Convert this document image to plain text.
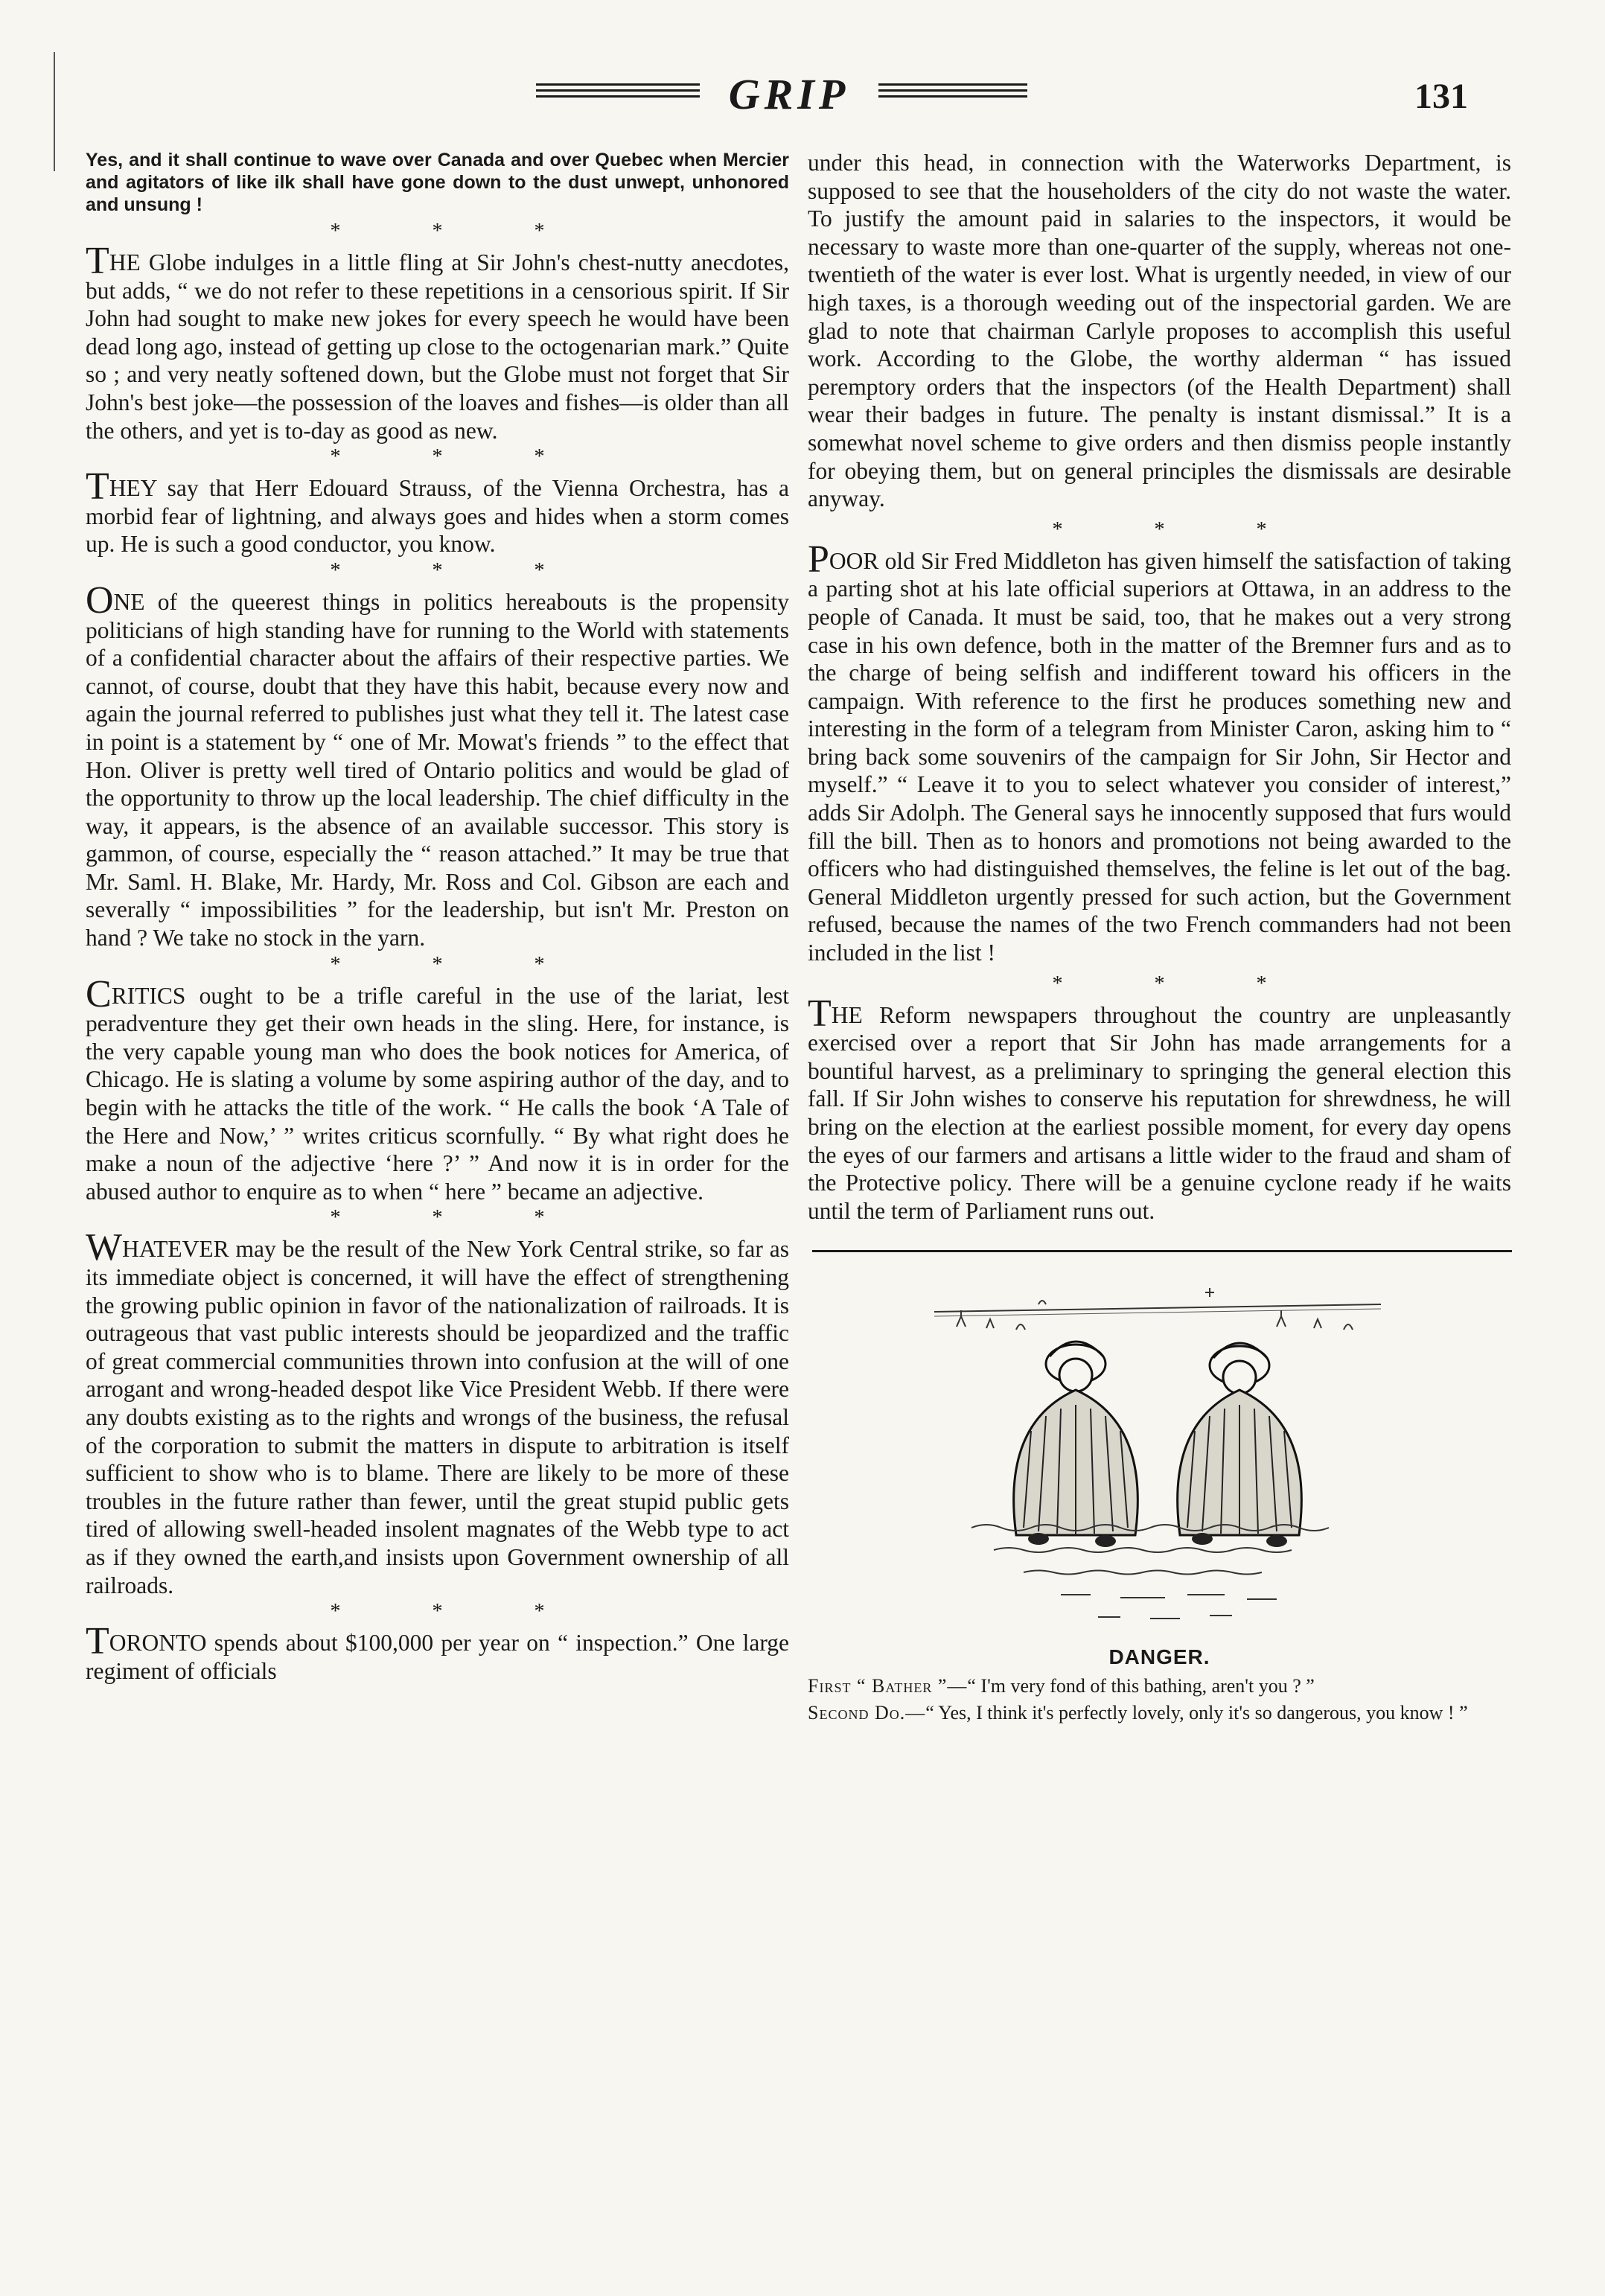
GRIP	131

Yes, and it shall continue to wave over Canada and over Quebec when Mercier and agitators of like ilk shall have gone down to the dust unwept, unhonored and unsung !

* * *

THE Globe indulges in a little fling at Sir John's chest-nutty anecdotes, but adds, “ we do not refer to these repetitions in a censorious spirit. If Sir John had sought to make new jokes for every speech he would have been dead long ago, instead of getting up close to the octogenarian mark.” Quite so ; and very neatly softened down, but the Globe must not forget that Sir John's best joke—the possession of the loaves and fishes—is older than all the others, and yet is to-day as good as new.

* * *

THEY say that Herr Edouard Strauss, of the Vienna Orchestra, has a morbid fear of lightning, and always goes and hides when a storm comes up. He is such a good conductor, you know.

* * *

ONE of the queerest things in politics hereabouts is the propensity politicians of high standing have for running to the World with statements of a confidential character about the affairs of their respective parties. We cannot, of course, doubt that they have this habit, because every now and again the journal referred to publishes just what they tell it. The latest case in point is a statement by “ one of Mr. Mowat's friends ” to the effect that Hon. Oliver is pretty well tired of Ontario politics and would be glad of the opportunity to throw up the local leadership. The chief difficulty in the way, it appears, is the absence of an available successor. This story is gammon, of course, especially the “ reason attached.” It may be true that Mr. Saml. H. Blake, Mr. Hardy, Mr. Ross and Col. Gibson are each and severally “ impossibilities ” for the leadership, but isn't Mr. Preston on hand ? We take no stock in the yarn.

* * *

CRITICS ought to be a trifle careful in the use of the lariat, lest peradventure they get their own heads in the sling. Here, for instance, is the very capable young man who does the book notices for America, of Chicago. He is slating a volume by some aspiring author of the day, and to begin with he attacks the title of the work. “ He calls the book ‘A Tale of the Here and Now,’ ” writes criticus scornfully. “ By what right does he make a noun of the adjective ‘here ?’ ” And now it is in order for the abused author to enquire as to when “ here ” became an adjective.

* * *

WHATEVER may be the result of the New York Central strike, so far as its immediate object is concerned, it will have the effect of strengthening the growing public opinion in favor of the nationalization of railroads. It is outrageous that vast public interests should be jeopardized and the traffic of great commercial communities thrown into confusion at the will of one arrogant and wrong-headed despot like Vice President Webb. If there were any doubts existing as to the rights and wrongs of the business, the refusal of the corporation to submit the matters in dispute to arbitration is itself sufficient to show who is to blame. There are likely to be more of these troubles in the future rather than fewer, until the great stupid public gets tired of allowing swell-headed insolent magnates of the Webb type to act as if they owned the earth,and insists upon Government ownership of all railroads.

* * *

TORONTO spends about $100,000 per year on “ inspection.” One large regiment of officials

under this head, in connection with the Waterworks Department, is supposed to see that the householders of the city do not waste the water. To justify the amount paid in salaries to the inspectors, it would be necessary to waste more than one-quarter of the supply, whereas not one-twentieth of the water is ever lost. What is urgently needed, in view of our high taxes, is a thorough weeding out of the inspectorial garden. We are glad to note that chairman Carlyle proposes to accomplish this useful work. According to the Globe, the worthy alderman “ has issued peremptory orders that the inspectors (of the Health Department) shall wear their badges in future. The penalty is instant dismissal.” It is a somewhat novel scheme to give orders and then dismiss people instantly for obeying them, but on general principles the dismissals are desirable anyway.

* * *

POOR old Sir Fred Middleton has given himself the satisfaction of taking a parting shot at his late official superiors at Ottawa, in an address to the people of Canada. It must be said, too, that he makes out a very strong case in his own defence, both in the matter of the Bremner furs and as to the charge of being selfish and indifferent toward his officers in the campaign. With reference to the first he produces something new and interesting in the form of a telegram from Minister Caron, asking him to “ bring back some souvenirs of the campaign for Sir John, Sir Hector and myself.” “ Leave it to you to select whatever you consider of interest,” adds Sir Adolph. The General says he innocently supposed that furs would fill the bill. Then as to honors and promotions not being awarded to the officers who had distinguished themselves, the feline is let out of the bag. General Middleton urgently pressed for such action, but the Government refused, because the names of the two French commanders had not been included in the list !

* * *

THE Reform newspapers throughout the country are unpleasantly exercised over a report that Sir John has made arrangements for a bountiful harvest, as a preliminary to springing the general election this fall. If Sir John wishes to conserve his reputation for shrewdness, he will bring on the election at the earliest possible moment, for every day opens the eyes of our farmers and artisans a little wider to the fraud and sham of the Protective policy. There will be a genuine cyclone ready if he waits until the term of Parliament runs out.

DANGER.

First “ Bather ”—“ I'm very fond of this bathing, aren't you ? ”

Second Do.—“ Yes, I think it's perfectly lovely, only it's so dangerous, you know ! ”
